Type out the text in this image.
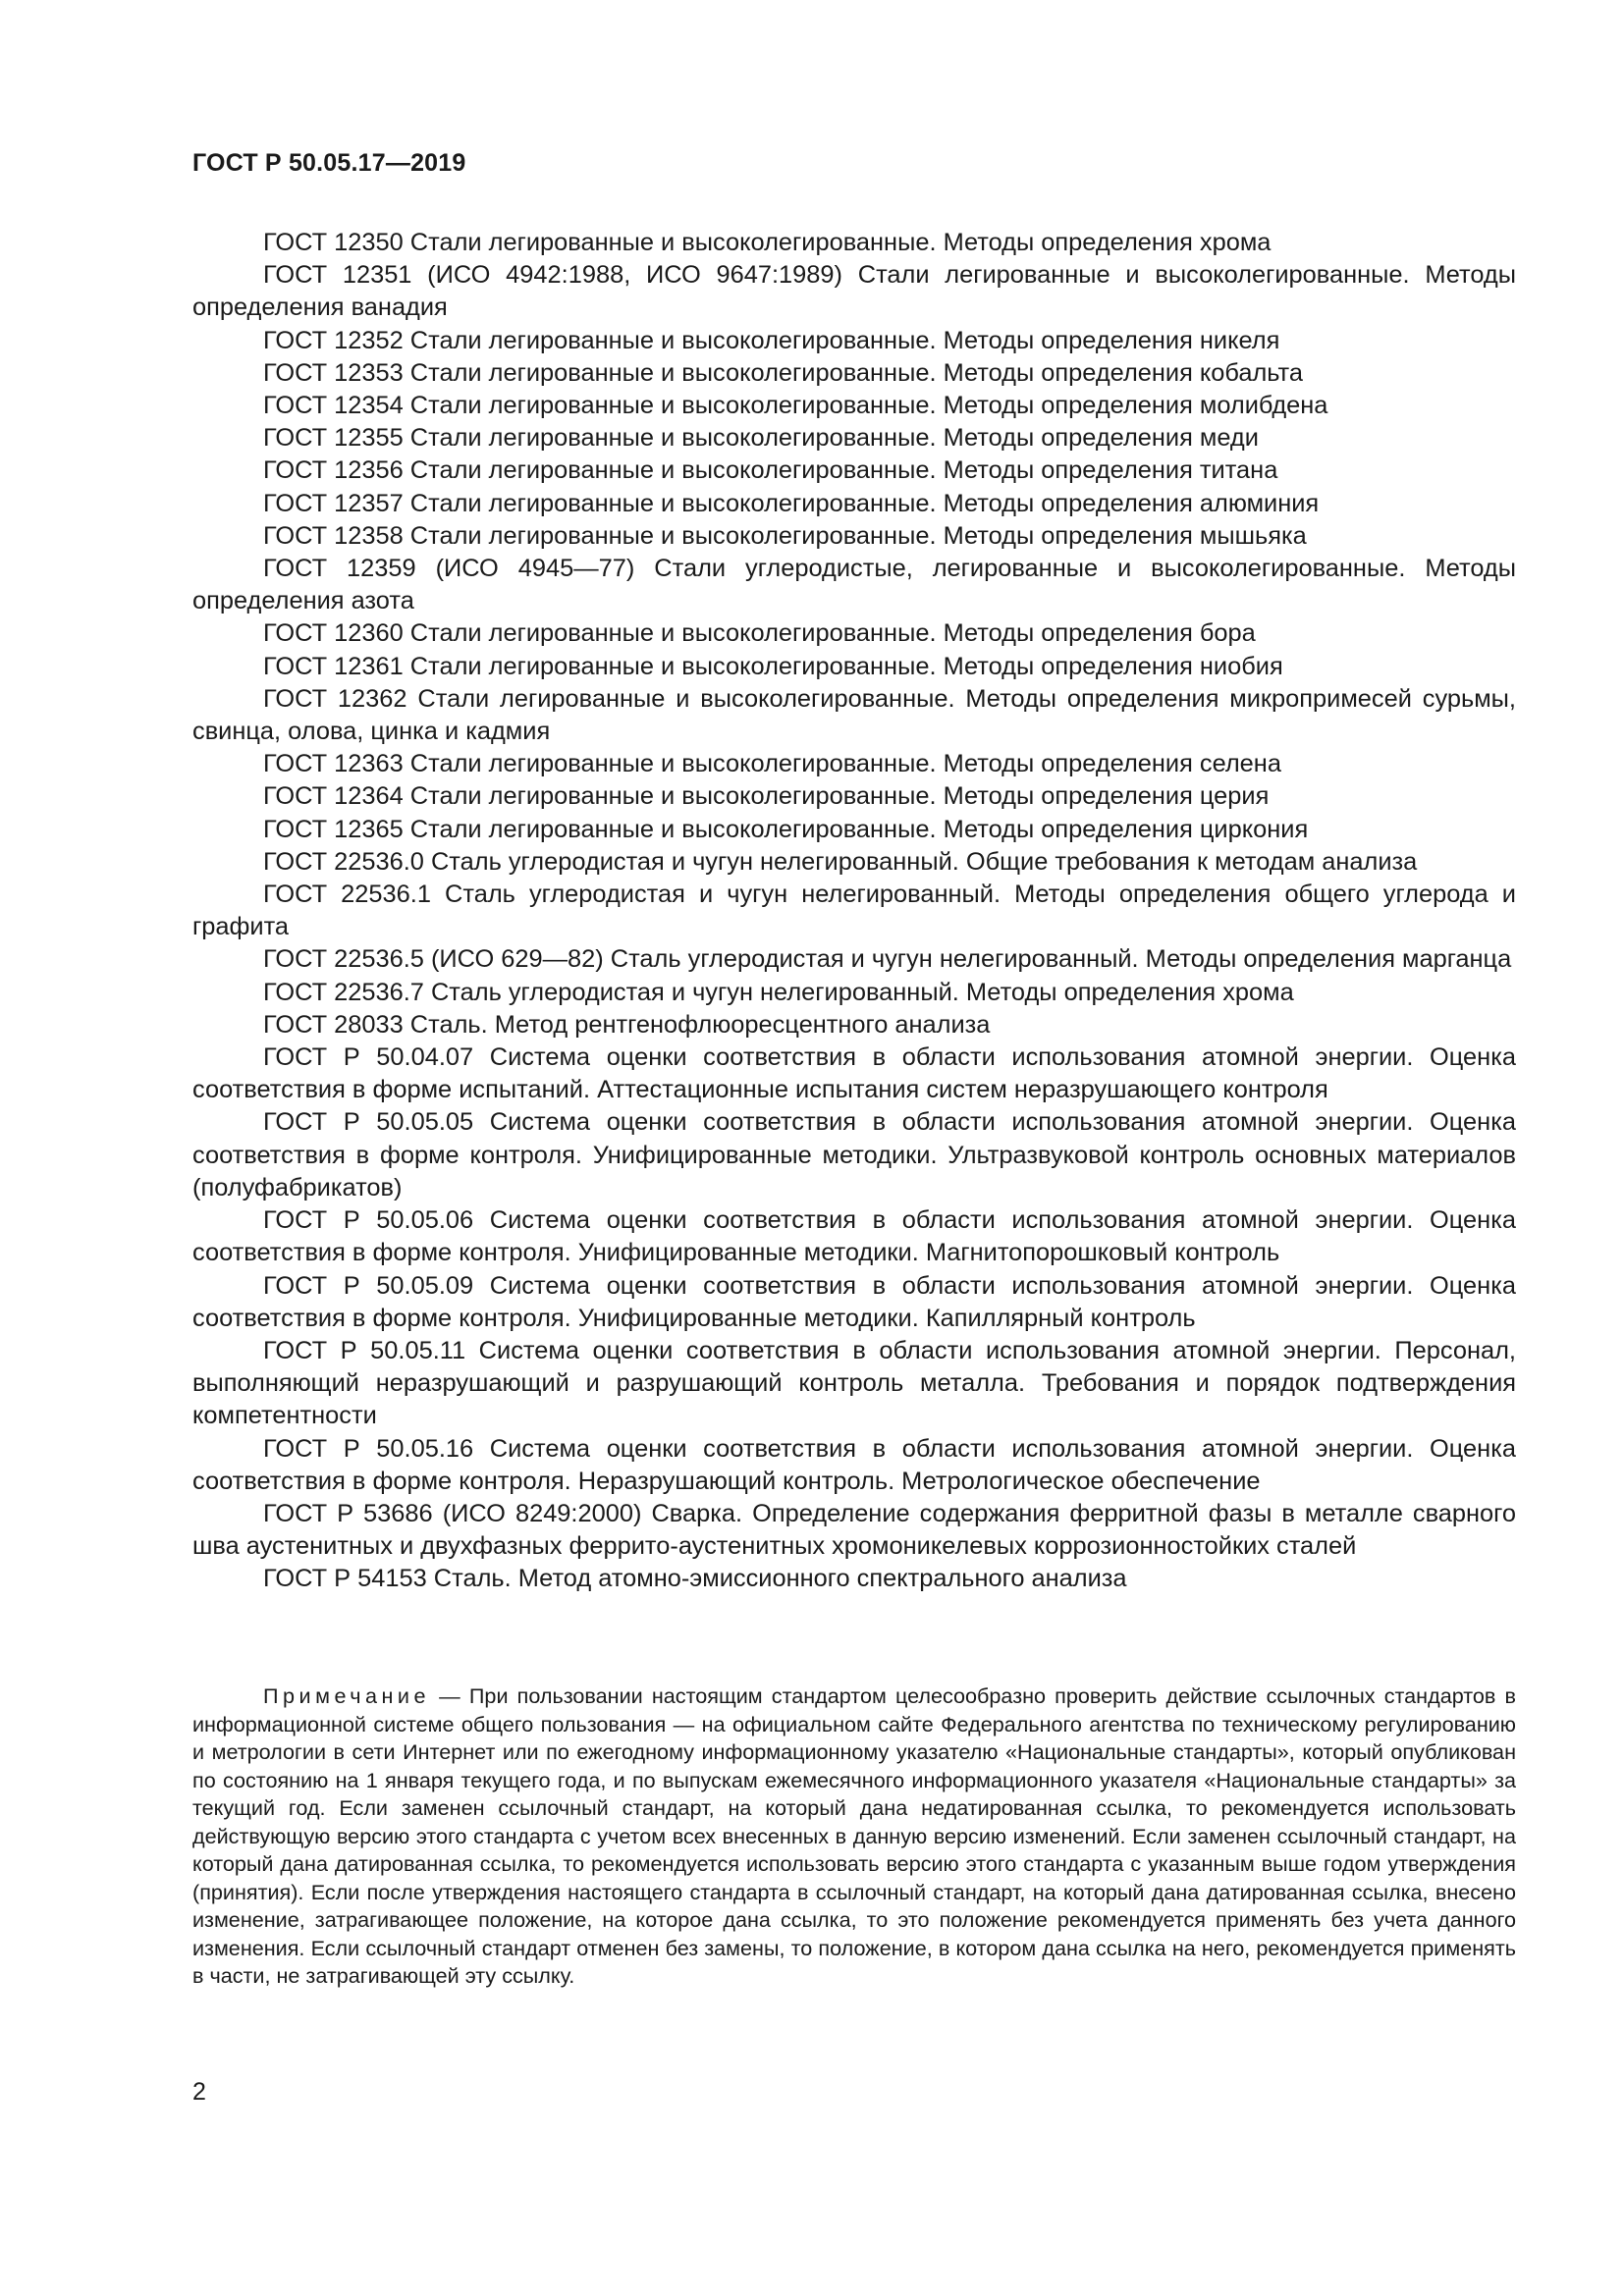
ГОСТ Р 50.05.17—2019

ГОСТ 12350 Стали легированные и высоколегированные. Методы определения хрома

ГОСТ 12351 (ИСО 4942:1988, ИСО 9647:1989) Стали легированные и высоколегированные. Методы определения ванадия

ГОСТ 12352 Стали легированные и высоколегированные. Методы определения никеля

ГОСТ 12353 Стали легированные и высоколегированные. Методы определения кобальта

ГОСТ 12354 Стали легированные и высоколегированные. Методы определения молибдена

ГОСТ 12355 Стали легированные и высоколегированные. Методы определения меди

ГОСТ 12356 Стали легированные и высоколегированные. Методы определения титана

ГОСТ 12357 Стали легированные и высоколегированные. Методы определения алюминия

ГОСТ 12358 Стали легированные и высоколегированные. Методы определения мышьяка

ГОСТ 12359 (ИСО 4945—77) Стали углеродистые, легированные и высоколегированные. Методы определения азота

ГОСТ 12360 Стали легированные и высоколегированные. Методы определения бора

ГОСТ 12361 Стали легированные и высоколегированные. Методы определения ниобия

ГОСТ 12362 Стали легированные и высоколегированные. Методы определения микропримесей сурьмы, свинца, олова, цинка и кадмия

ГОСТ 12363 Стали легированные и высоколегированные. Методы определения селена

ГОСТ 12364 Стали легированные и высоколегированные. Методы определения церия

ГОСТ 12365 Стали легированные и высоколегированные. Методы определения циркония

ГОСТ 22536.0 Сталь углеродистая и чугун нелегированный. Общие требования к методам анализа

ГОСТ 22536.1 Сталь углеродистая и чугун нелегированный. Методы определения общего углерода и графита

ГОСТ 22536.5 (ИСО 629—82) Сталь углеродистая и чугун нелегированный. Методы определения марганца

ГОСТ 22536.7 Сталь углеродистая и чугун нелегированный. Методы определения хрома

ГОСТ 28033 Сталь. Метод рентгенофлюоресцентного анализа

ГОСТ Р 50.04.07 Система оценки соответствия в области использования атомной энергии. Оценка соответствия в форме испытаний. Аттестационные испытания систем неразрушающего контроля

ГОСТ Р 50.05.05 Система оценки соответствия в области использования атомной энергии. Оценка соответствия в форме контроля. Унифицированные методики. Ультразвуковой контроль основных материалов (полуфабрикатов)

ГОСТ Р 50.05.06 Система оценки соответствия в области использования атомной энергии. Оценка соответствия в форме контроля. Унифицированные методики. Магнитопорошковый контроль

ГОСТ Р 50.05.09 Система оценки соответствия в области использования атомной энергии. Оценка соответствия в форме контроля. Унифицированные методики. Капиллярный контроль

ГОСТ Р 50.05.11 Система оценки соответствия в области использования атомной энергии. Персонал, выполняющий неразрушающий и разрушающий контроль металла. Требования и порядок подтверждения компетентности

ГОСТ Р 50.05.16 Система оценки соответствия в области использования атомной энергии. Оценка соответствия в форме контроля. Неразрушающий контроль. Метрологическое обеспечение

ГОСТ Р 53686 (ИСО 8249:2000) Сварка. Определение содержания ферритной фазы в металле сварного шва аустенитных и двухфазных феррито-аустенитных хромоникелевых коррозионностойких сталей

ГОСТ Р 54153 Сталь. Метод атомно-эмиссионного спектрального анализа

Примечание — При пользовании настоящим стандартом целесообразно проверить действие ссылочных стандартов в информационной системе общего пользования — на официальном сайте Федерального агентства по техническому регулированию и метрологии в сети Интернет или по ежегодному информационному указателю «Национальные стандарты», который опубликован по состоянию на 1 января текущего года, и по выпускам ежемесячного информационного указателя «Национальные стандарты» за текущий год. Если заменен ссылочный стандарт, на который дана недатированная ссылка, то рекомендуется использовать действующую версию этого стандарта с учетом всех внесенных в данную версию изменений. Если заменен ссылочный стандарт, на который дана датированная ссылка, то рекомендуется использовать версию этого стандарта с указанным выше годом утверждения (принятия). Если после утверждения настоящего стандарта в ссылочный стандарт, на который дана датированная ссылка, внесено изменение, затрагивающее положение, на которое дана ссылка, то это положение рекомендуется применять без учета данного изменения. Если ссылочный стандарт отменен без замены, то положение, в котором дана ссылка на него, рекомендуется применять в части, не затрагивающей эту ссылку.
2
